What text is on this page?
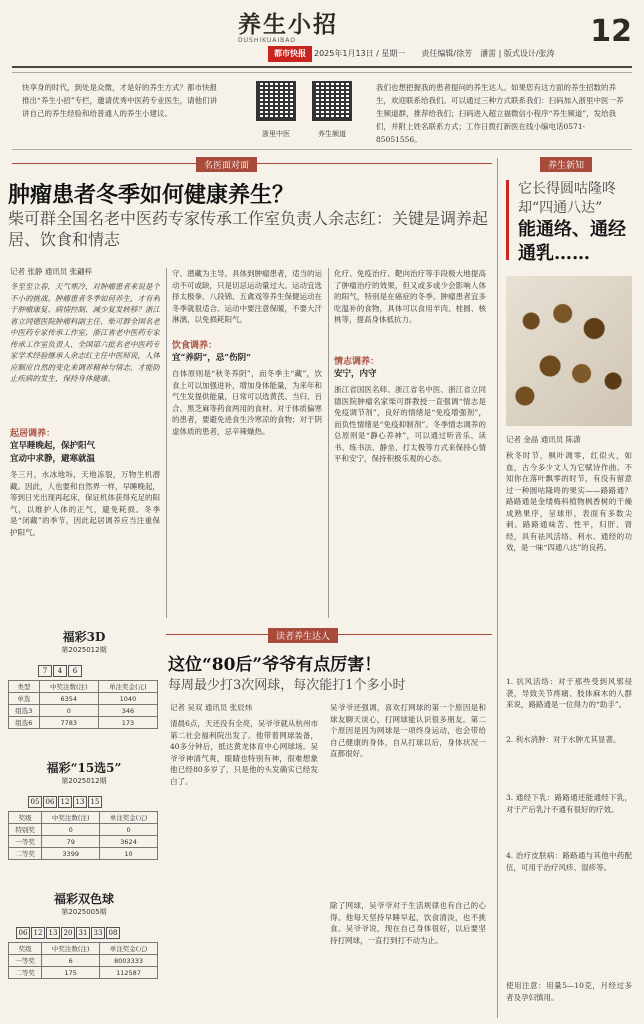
养生小招
DUSHIKUAIBAO
都市快报	2025年1月13日 / 星期一　　责任编辑/徐芳　潘雷 | 版式设计/张涛
12
快享身的时代，到处是众微，才是好的养生方式？都市快报推出“养生小招”专栏，邀请优秀中医药专业医生，请他们讲讲自己的养生经验和给普通人的养生小建议。
浙里中医	养生频道
我们也想把握我的患者提问的养生达人。如果您有这方面的养生招数的养生，欢迎联系给我们。可以通过三种方式联系我们：扫码加入浙里中医一养生频道群，推荐给我们；扫码进入超立福微信小程序“养生频道”，发给我们，并附上姓名联系方式；工作日拨打新医在线小编电话0571-85051556。
名医面对面
肿瘤患者冬季如何健康养生？
柴可群全国名老中医药专家传承工作室负责人余志红：关键是调养起居、饮食和情志
记者 张静 通讯员 张翩梓
冬至至立春，天气寒冷，对肿瘤患者来说是个不小的挑战。肿瘤患者冬季如何养生，才有利于肿瘤康复、病情控制、减少复发转移？浙江省立同德医院肿瘤科副主任、柴可群全国名老中医药专家传承工作室、浙江省老中医药专家传承工作室负责人、全国第六批名老中医药专家学术经验继承人余志红主任中医师说，人体应顺应自然的变化来调养精神与情志，才能防止疾病的发生，保持身体健康。
起居调养：
宜早睡晚起，保护阳气
宜动中求静，避寒就温
冬三月，水冰地坼，天地冻裂，万物生机潜藏。因此，人也要和自然界一样，早睡晚起，等到日光出现再起床，保证机体获得充足的阳气，以维护人体的正气，避免耗损。冬季是“闭藏”的季节，因此起居调养应当注重保护阳气。
守、潜藏为主导。具体到肿瘤患者，适当的运动不可或缺，只是切忌运动量过大。运动宜选择太极拳、八段锦、五禽戏等养生保健运动在冬季就很适合。运动中要注意保暖，不要大汗淋漓，以免损耗阳气。
饮食调养：
宜“养阴”，忌“伤阴”
自体原则是“秋冬养阴”，而冬季主“藏”，饮食上可以加强进补，增加身体能量，为来年和气生发提供能量，日常可以选黄芪、当归、百合、黑芝麻等药食两用的食材。对于体质偏寒的患者，要避免进食生冷寒凉的食物；对于阴虚体质的患者，忌辛辣燥热。
化疗、免疫治疗、靶向治疗等手段极大地提高了肿瘤治疗的效果，但又或多或少会影响人体的阳气，特别是在癌症的冬季。肿瘤患者宜多吃温补的食物，具体可以食用羊肉、桂圆、核桃等，提高身体抵抗力。
情志调养：
安宁，内守
浙江省国医名师、浙江省名中医、浙江省立同德医院肿瘤名家柴可群教授一直强调“情志是免疫调节剂”，良好的情绪是“免疫增强剂”，而负性情绪是“免疫抑制剂”。冬季情志调养的总原则是“静心养神”，可以通过听音乐、读书、练书法、静坐、打太极等方式来保持心情平和安宁，保持积极乐观的心态。
福彩3D
第2025012期
7 4 6
类型	中奖注数(注)	单注奖金(元)
单选	6354	1040
组选3	0	346
组选6	7783	173
福彩“15选5”
第2025012期
05 06 12 13 15
奖级	中奖注数(注)	单注奖金(元)
特别奖	0	0
一等奖	79	3624
二等奖	3399	10
福彩双色球
第2025005期
06 12 13 20 31 33 08
奖级	中奖注数(注)	单注奖金(元)
一等奖	6	8003333
二等奖	175	112587
读者养生达人
这位“80后”爷爷有点厉害！
每周最少打3次网球，每次能打1个多小时
记者 吴双 通讯员 张辰炜
清晨6点，天还没有全亮，吴爷爷就从杭州市第二社会福利院出发了。他带着网球装备，40多分钟后，抵达黄龙体育中心网球场。吴爷爷神清气爽，眼睛也特别有神，很难想象他已经80多岁了，只是他的头发确实已经发白了。
吴爷爷还强调，喜欢打网球的第一个原因是和球友聊天谈心，打网球能认识很多朋友。第二个原因是因为网球是一项终身运动，也会带给自己健康的身体，自从打球以后，身体状况一直都很好。
除了网球，吴爷爷对于生活规律也有自己的心得。他每天坚持早睡早起，饮食清淡，也不挑食。吴爷爷说，现在自己身体很好，以后要坚持打网球，一直打到打不动为止。
养生新知
它长得圆咕隆咚
却“四通八达”
能通络、通经
通乳……
记者 金晶 通讯员 陈潇
秋冬时节，枫叶凋零，红似火，如血，古今多少文人为它赋诗作曲。不知你在落叶飘零的时节，有没有留意过一种圆咕隆咚的果实——路路通？路路通是金缕梅科植物枫香树的干燥成熟果序，呈球形，表面有多数尖刺。路路通味苦、性平，归肝、肾经，具有祛风活络、利水、通经的功效，是一味“四通八达”的良药。
1. 抗风活络：对于那些受到风邪侵袭，导致关节疼痛、肢体麻木的人群来说，路路通是一位得力的“助手”。
2. 利水消肿：对于水肿尤其显著。
3. 通经下乳：路路通还能通经下乳，对于产后乳汁不通有很好的疗效。
4. 治疗皮肤病：路路通与其他中药配伍，可用于治疗风疹、湿疹等。
使用注意：用量5—10克，月经过多者及孕妇慎用。
